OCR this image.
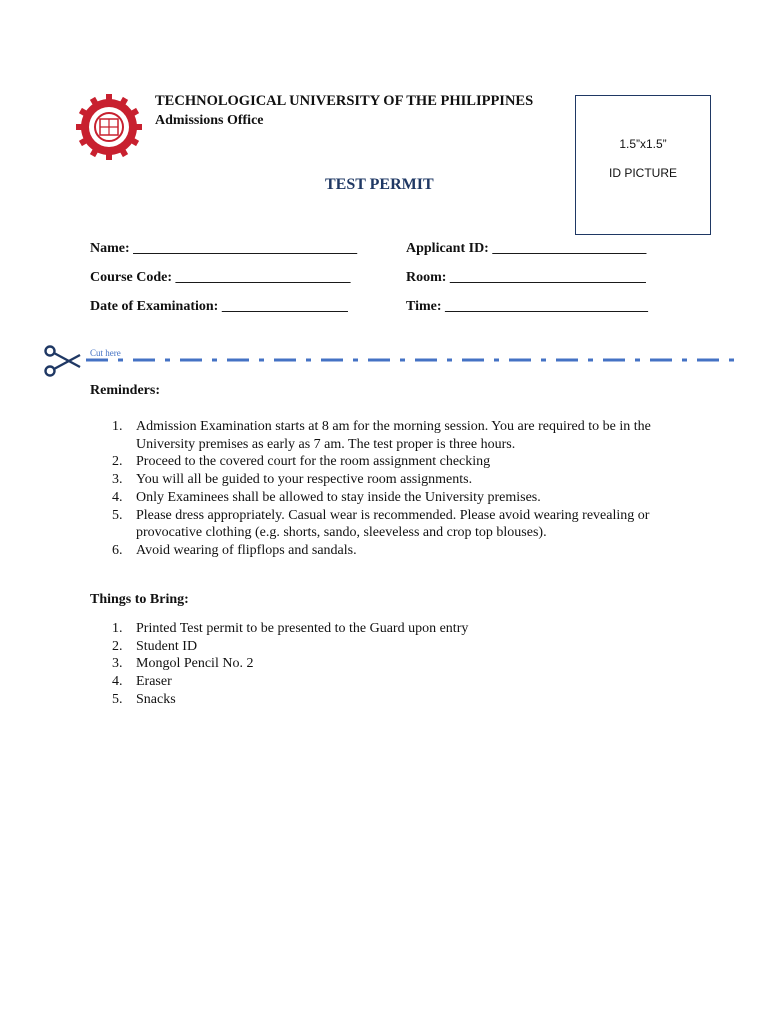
TECHNOLOGICAL UNIVERSITY OF THE PHILIPPINES
Admissions Office
1.5”x1.5”
ID PICTURE
TEST PERMIT
Name: ________________________________	Applicant ID: ______________________
Course Code: _________________________	Room: ____________________________
Date of Examination: __________________	Time: _____________________________
Cut here
Reminders:
1. Admission Examination starts at 8 am for the morning session. You are required to be in the University premises as early as 7 am. The test proper is three hours.
2. Proceed to the covered court for the room assignment checking
3. You will all be guided to your respective room assignments.
4. Only Examinees shall be allowed to stay inside the University premises.
5. Please dress appropriately. Casual wear is recommended. Please avoid wearing revealing or provocative clothing (e.g. shorts, sando, sleeveless and crop top blouses).
6. Avoid wearing of flipflops and sandals.
Things to Bring:
1. Printed Test permit to be presented to the Guard upon entry
2. Student ID
3. Mongol Pencil No. 2
4. Eraser
5. Snacks
